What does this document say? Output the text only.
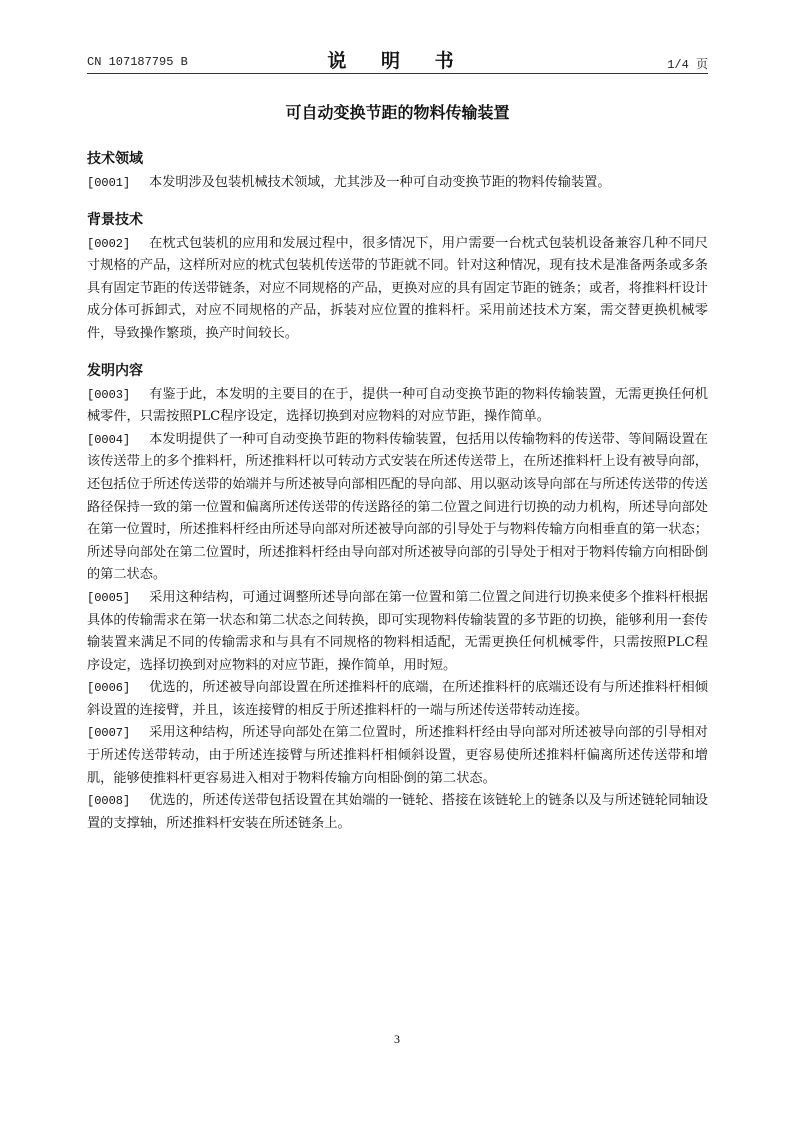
CN 107187795 B	说 明 书	1/4 页
可自动变换节距的物料传输装置
技术领域

[0001] 本发明涉及包装机械技术领域，尤其涉及一种可自动变换节距的物料传输装置。

背景技术

[0002] 在枕式包装机的应用和发展过程中，很多情况下，用户需要一台枕式包装机设备兼容几种不同尺寸规格的产品，这样所对应的枕式包装机传送带的节距就不同。针对这种情况，现有技术是准备两条或多条具有固定节距的传送带链条，对应不同规格的产品，更换对应的具有固定节距的链条；或者，将推料杆设计成分体可拆卸式，对应不同规格的产品，拆装对应位置的推料杆。采用前述技术方案，需交替更换机械零件，导致操作繁琐，换产时间较长。

发明内容

[0003] 有鉴于此，本发明的主要目的在于，提供一种可自动变换节距的物料传输装置，无需更换任何机械零件，只需按照PLC程序设定，选择切换到对应物料的对应节距，操作简单。

[0004] 本发明提供了一种可自动变换节距的物料传输装置，包括用以传输物料的传送带、等间隔设置在该传送带上的多个推料杆，所述推料杆以可转动方式安装在所述传送带上，在所述推料杆上设有被导向部，还包括位于所述传送带的始端并与所述被导向部相匹配的导向部、用以驱动该导向部在与所述传送带的传送路径保持一致的第一位置和偏离所述传送带的传送路径的第二位置之间进行切换的动力机构，所述导向部处在第一位置时，所述推料杆经由所述导向部对所述被导向部的引导处于与物料传输方向相垂直的第一状态；所述导向部处在第二位置时，所述推料杆经由导向部对所述被导向部的引导处于相对于物料传输方向相卧倒的第二状态。

[0005] 采用这种结构，可通过调整所述导向部在第一位置和第二位置之间进行切换来使多个推料杆根据具体的传输需求在第一状态和第二状态之间转换，即可实现物料传输装置的多节距的切换，能够利用一套传输装置来满足不同的传输需求和与具有不同规格的物料相适配，无需更换任何机械零件，只需按照PLC程序设定，选择切换到对应物料的对应节距，操作简单，用时短。

[0006] 优选的，所述被导向部设置在所述推料杆的底端，在所述推料杆的底端还设有与所述推料杆相倾斜设置的连接臂，并且，该连接臂的相反于所述推料杆的一端与所述传送带转动连接。

[0007] 采用这种结构，所述导向部处在第二位置时，所述推料杆经由导向部对所述被导向部的引导相对于所述传送带转动，由于所述连接臂与所述推料杆相倾斜设置，更容易使所述推料杆偏离所述传送带和增肌，能够使推料杆更容易进入相对于物料传输方向相卧倒的第二状态。

[0008] 优选的，所述传送带包括设置在其始端的一链轮、搭接在该链轮上的链条以及与所述链轮同轴设置的支撑轴，所述推料杆安装在所述链条上。

3
